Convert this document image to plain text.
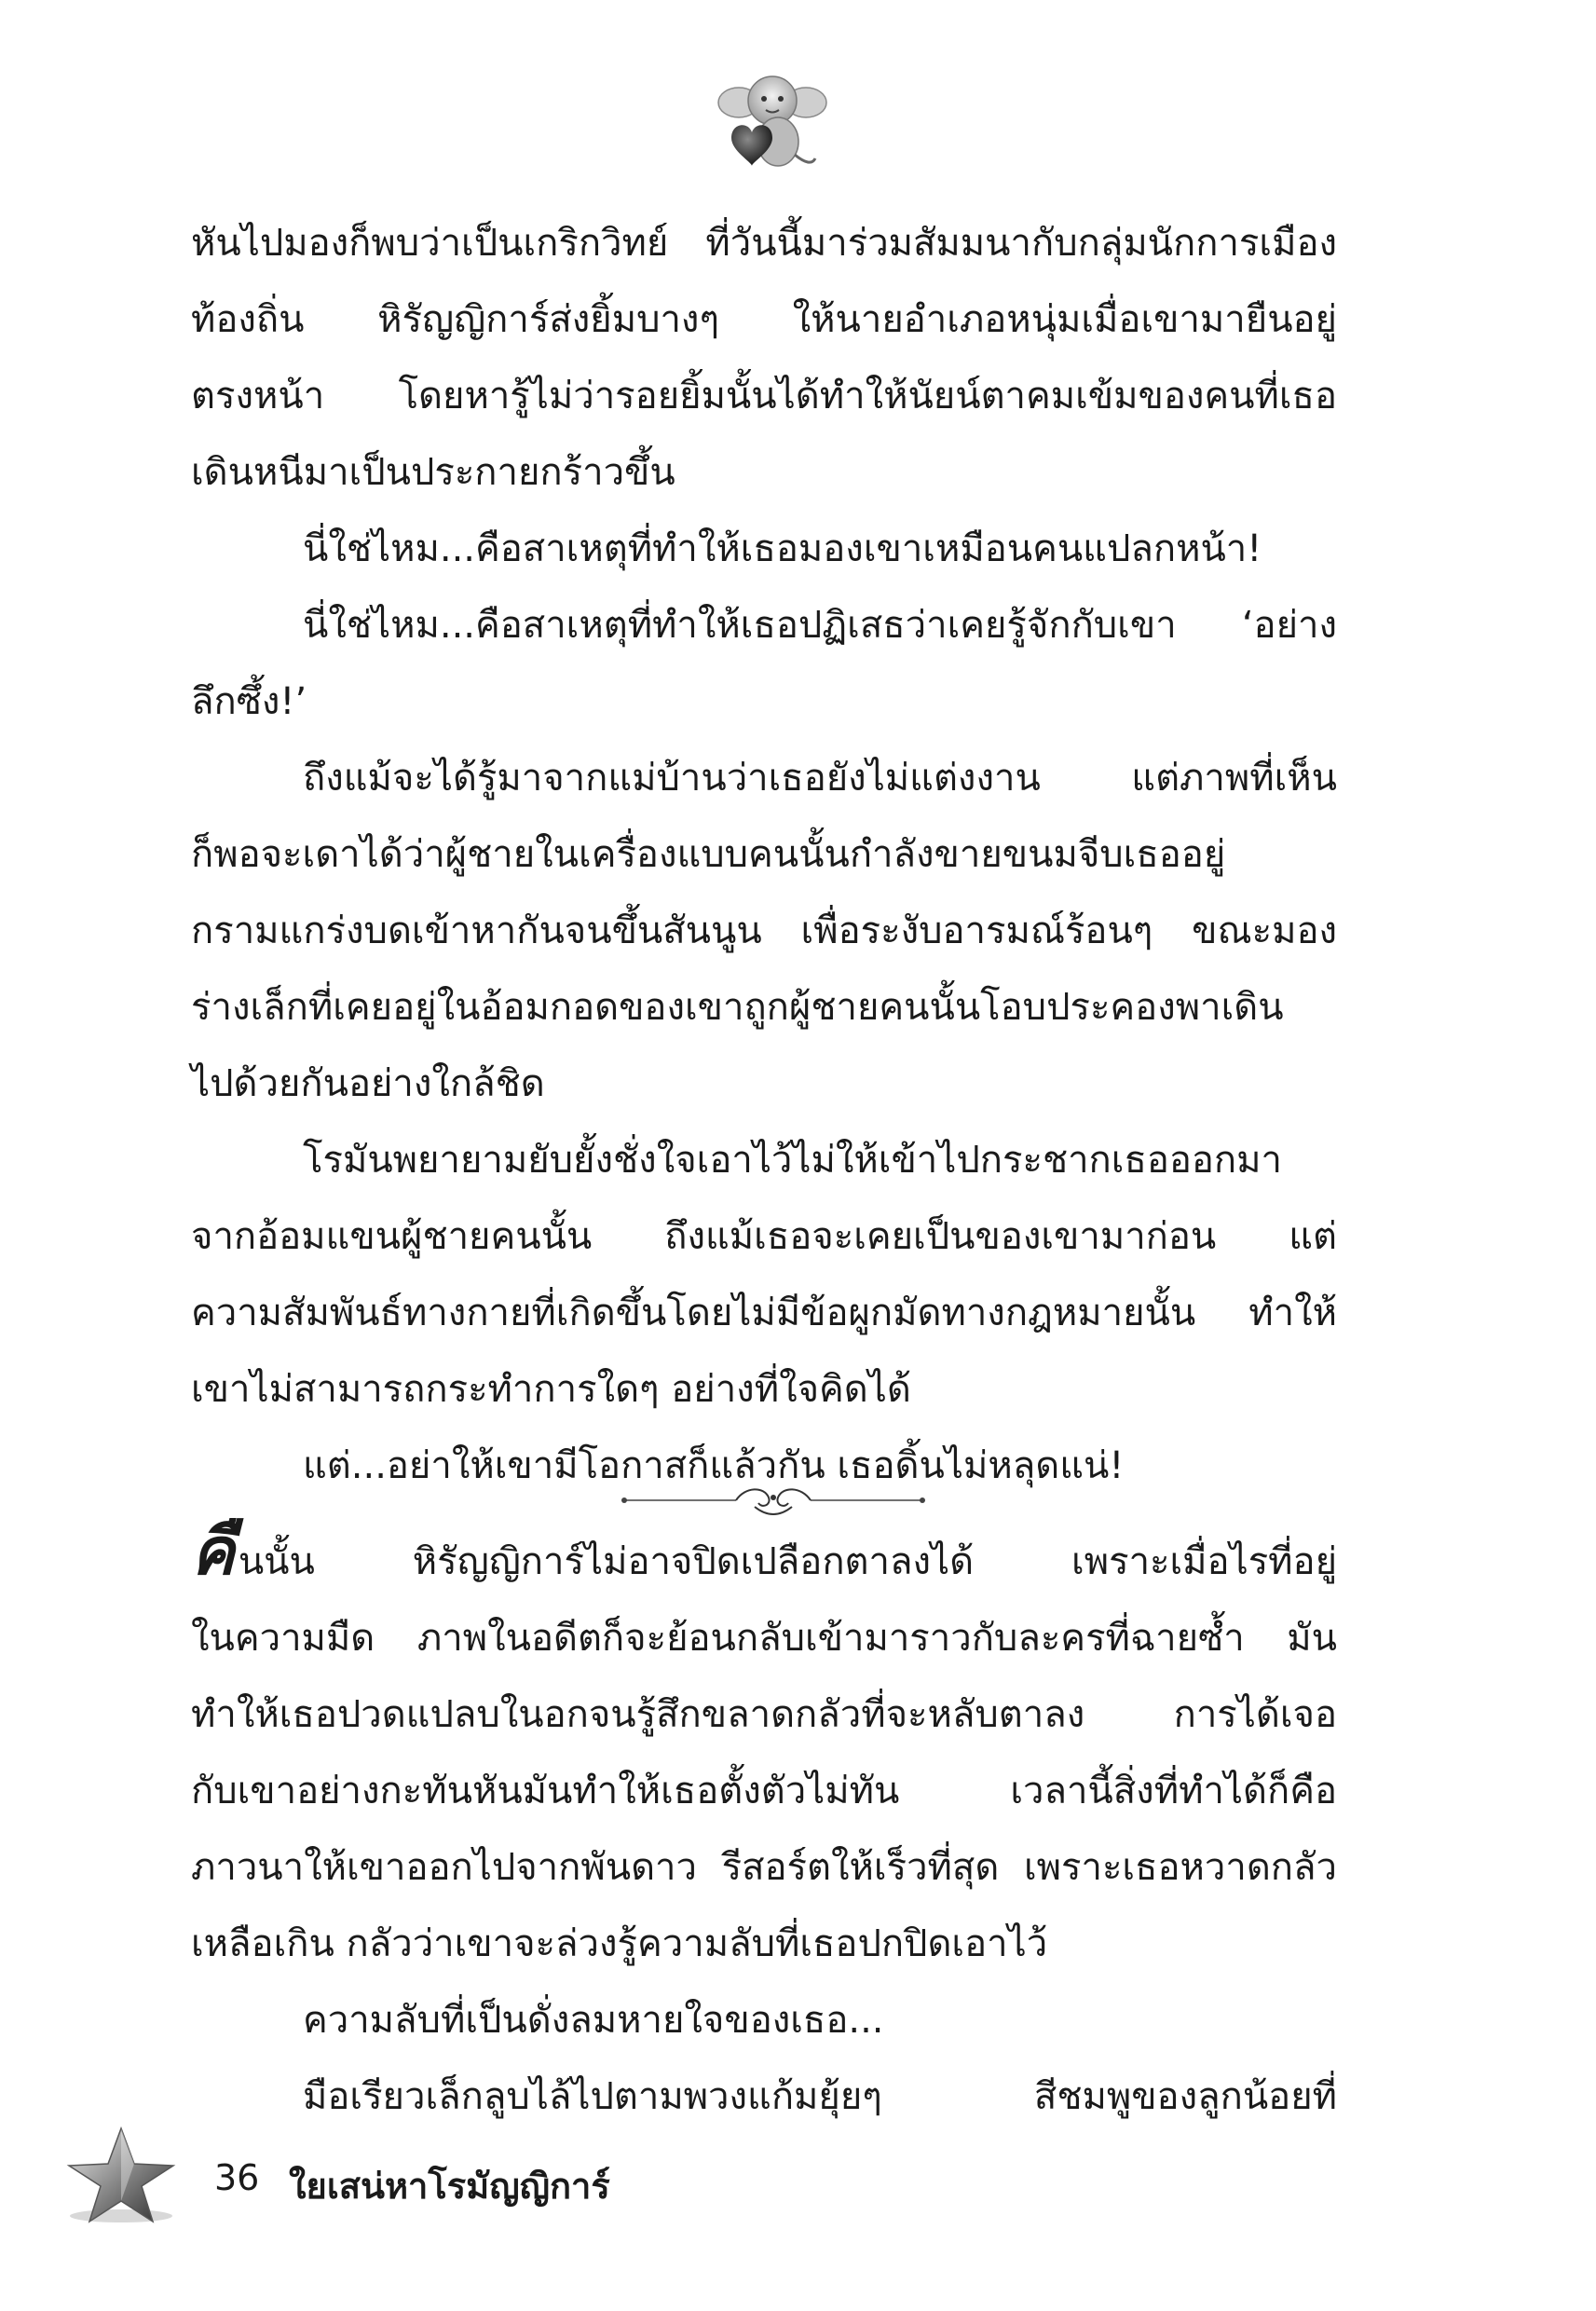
หันไปมองก็พบว่าเป็นเกริกวิทย์ ที่วันนี้มาร่วมสัมมนากับกลุ่มนักการเมือง
ท้องถิ่น หิรัญญิการ์ส่งยิ้มบางๆ ให้นายอำเภอหนุ่มเมื่อเขามายืนอยู่
ตรงหน้า โดยหารู้ไม่ว่ารอยยิ้มนั้นได้ทำให้นัยน์ตาคมเข้มของคนที่เธอ
เดินหนีมาเป็นประกายกร้าวขึ้น
นี่ใช่ไหม...คือสาเหตุที่ทำให้เธอมองเขาเหมือนคนแปลกหน้า!
นี่ใช่ไหม...คือสาเหตุที่ทำให้เธอปฏิเสธว่าเคยรู้จักกับเขา ‘อย่าง
ลึกซึ้ง!’
ถึงแม้จะได้รู้มาจากแม่บ้านว่าเธอยังไม่แต่งงาน แต่ภาพที่เห็น
ก็พอจะเดาได้ว่าผู้ชายในเครื่องแบบคนนั้นกำลังขายขนมจีบเธออยู่
กรามแกร่งบดเข้าหากันจนขึ้นสันนูน เพื่อระงับอารมณ์ร้อนๆ ขณะมอง
ร่างเล็กที่เคยอยู่ในอ้อมกอดของเขาถูกผู้ชายคนนั้นโอบประคองพาเดิน
ไปด้วยกันอย่างใกล้ชิด
โรมันพยายามยับยั้งชั่งใจเอาไว้ไม่ให้เข้าไปกระชากเธอออกมา
จากอ้อมแขนผู้ชายคนนั้น ถึงแม้เธอจะเคยเป็นของเขามาก่อน แต่
ความสัมพันธ์ทางกายที่เกิดขึ้นโดยไม่มีข้อผูกมัดทางกฎหมายนั้น ทำให้
เขาไม่สามารถกระทำการใดๆ อย่างที่ใจคิดได้
แต่...อย่าให้เขามีโอกาสก็แล้วกัน เธอดิ้นไม่หลุดแน่!
คืนนั้น หิรัญญิการ์ไม่อาจปิดเปลือกตาลงได้ เพราะเมื่อไรที่อยู่
ในความมืด ภาพในอดีตก็จะย้อนกลับเข้ามาราวกับละครที่ฉายซ้ำ มัน
ทำให้เธอปวดแปลบในอกจนรู้สึกขลาดกลัวที่จะหลับตาลง การได้เจอ
กับเขาอย่างกะทันหันมันทำให้เธอตั้งตัวไม่ทัน เวลานี้สิ่งที่ทำได้ก็คือ
ภาวนาให้เขาออกไปจากพันดาว รีสอร์ตให้เร็วที่สุด เพราะเธอหวาดกลัว
เหลือเกิน กลัวว่าเขาจะล่วงรู้ความลับที่เธอปกปิดเอาไว้
ความลับที่เป็นดั่งลมหายใจของเธอ...
มือเรียวเล็กลูบไล้ไปตามพวงแก้มยุ้ยๆ สีชมพูของลูกน้อยที่
36 ใยเสน่หาโรมัญญิการ์
